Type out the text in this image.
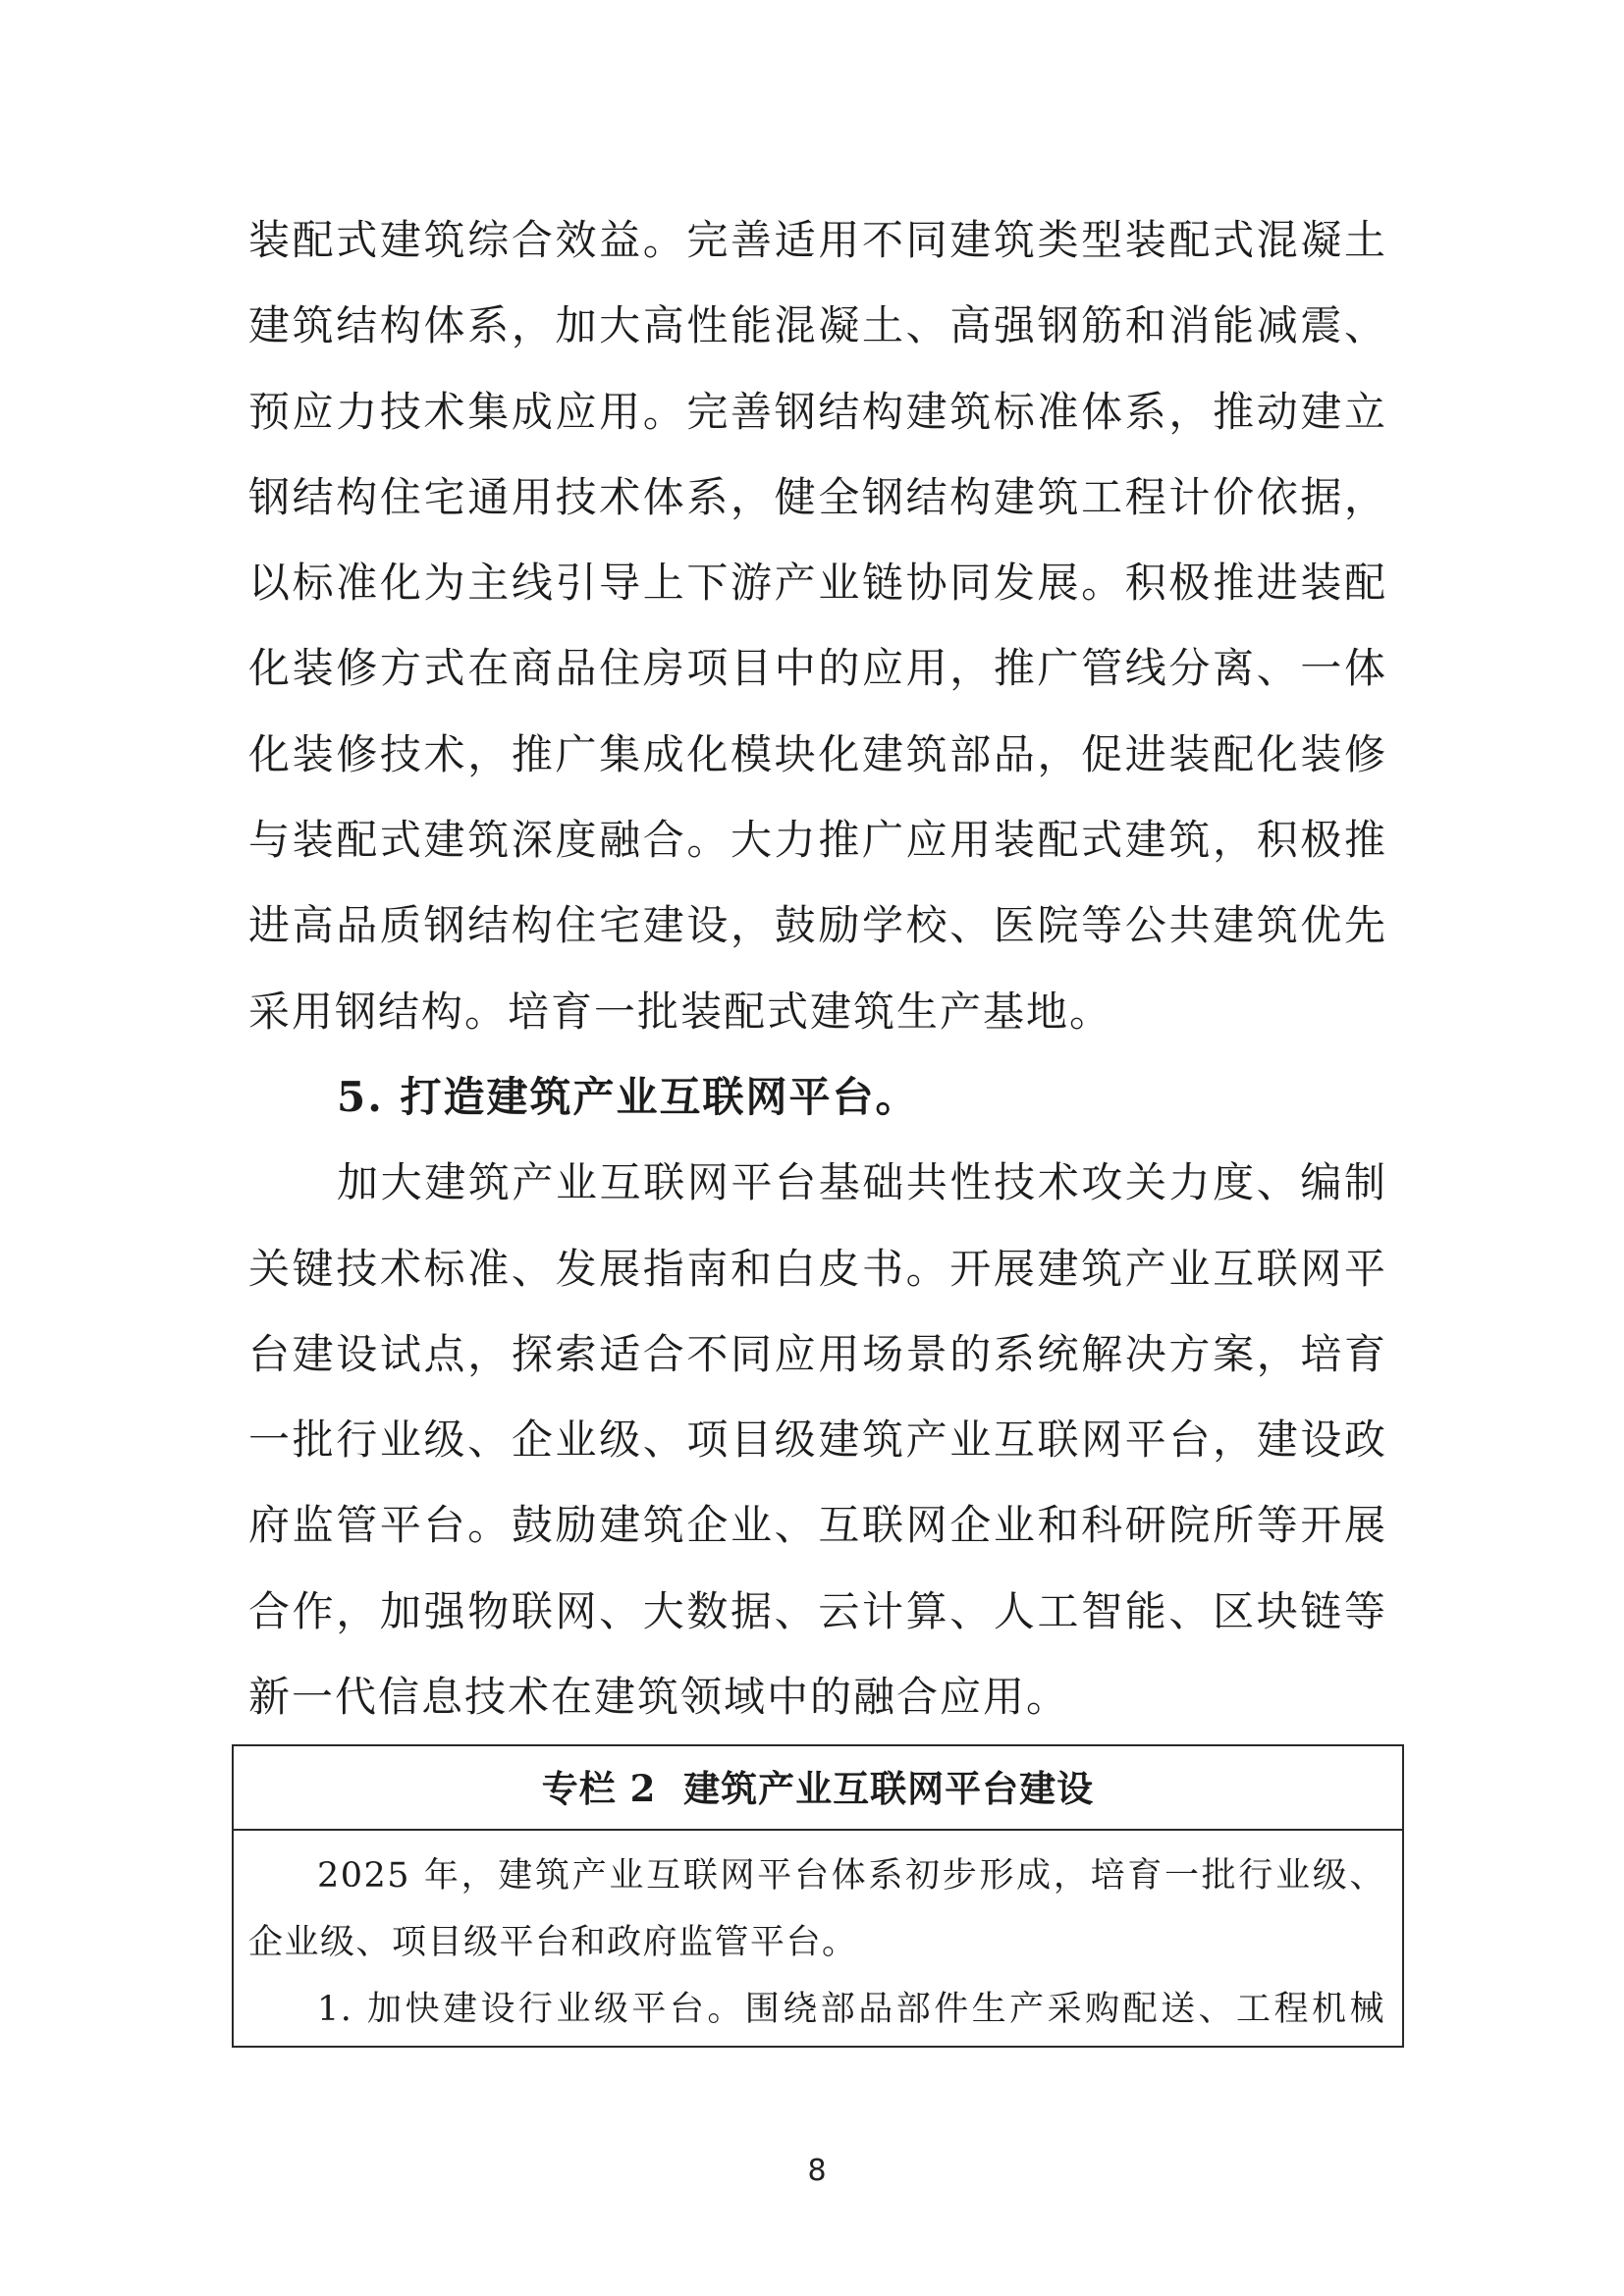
装配式建筑综合效益。完善适用不同建筑类型装配式混凝土
建筑结构体系，加大高性能混凝土、高强钢筋和消能减震、
预应力技术集成应用。完善钢结构建筑标准体系，推动建立
钢结构住宅通用技术体系，健全钢结构建筑工程计价依据，
以标准化为主线引导上下游产业链协同发展。积极推进装配
化装修方式在商品住房项目中的应用，推广管线分离、一体
化装修技术，推广集成化模块化建筑部品，促进装配化装修
与装配式建筑深度融合。大力推广应用装配式建筑，积极推
进高品质钢结构住宅建设，鼓励学校、医院等公共建筑优先
采用钢结构。培育一批装配式建筑生产基地。
5. 打造建筑产业互联网平台。
加大建筑产业互联网平台基础共性技术攻关力度、编制
关键技术标准、发展指南和白皮书。开展建筑产业互联网平
台建设试点，探索适合不同应用场景的系统解决方案，培育
一批行业级、企业级、项目级建筑产业互联网平台，建设政
府监管平台。鼓励建筑企业、互联网企业和科研院所等开展
合作，加强物联网、大数据、云计算、人工智能、区块链等
新一代信息技术在建筑领域中的融合应用。
专栏 2  建筑产业互联网平台建设
2025 年，建筑产业互联网平台体系初步形成，培育一批行业级、
企业级、项目级平台和政府监管平台。
1. 加快建设行业级平台。围绕部品部件生产采购配送、工程机械
8
